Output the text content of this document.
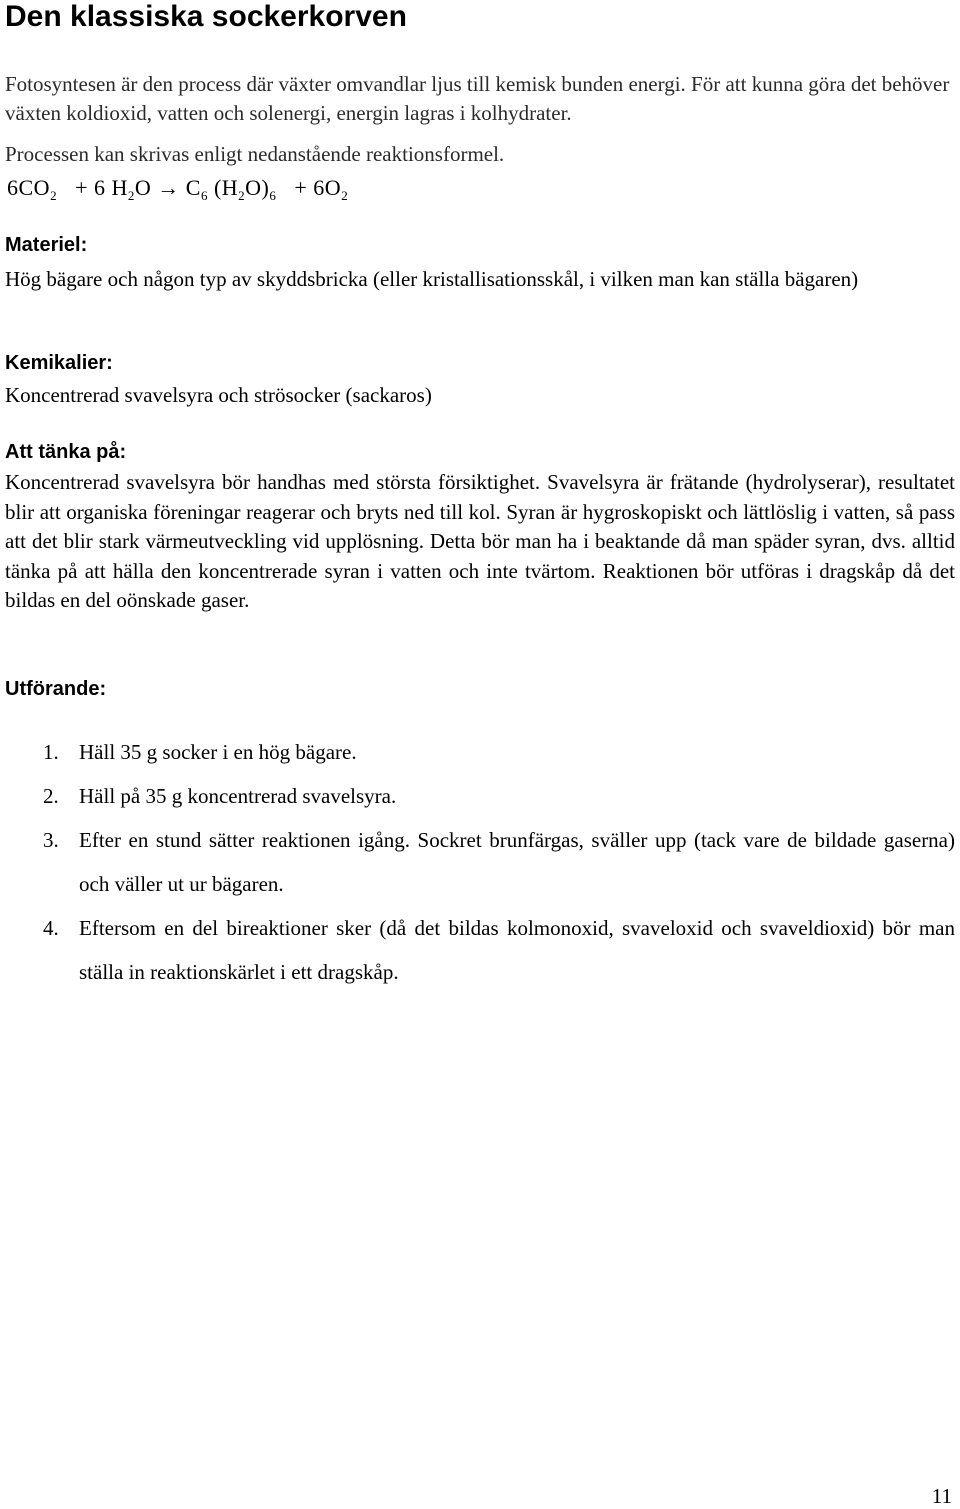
Den klassiska sockerkorven

Fotosyntesen är den process där växter omvandlar ljus till kemisk bunden energi. För att kunna göra det behöver växten koldioxid, vatten och solenergi, energin lagras i kolhydrater.

Processen kan skrivas enligt nedanstående reaktionsformel.

$6CO_2 + 6$ $H_2O \to C_6$ $(H_2O)_6 + 6O_2$
Materiel:

Hög bägare och någon typ av skyddsbricka (eller kristallisationsskål, i vilken man kan ställa bägaren)

Kemikalier:

Koncentrerad svavelsyra och strösocker (sackaros)

Att tänka på:

Koncentrerad svavelsyra bör handhas med största försiktighet. Svavelsyra är frätande (hydrolyserar), resultatet blir att organiska föreningar reagerar och bryts ned till kol. Syran är hygroskopiskt och lättlöslig i vatten, så pass att det blir stark värmeutveckling vid upplösning. Detta bör man ha i beaktande då man späder syran, dvs. alltid tänka på att hälla den koncentrerade syran i vatten och inte tvärtom. Reaktionen bör utföras i dragskåp då det bildas en del oönskade gaser.

Utförande:
1. Häll 35 g socker i en hög bägare.
2. Häll på 35 g koncentrerad svavelsyra.
3. Efter en stund sätter reaktionen igång. Sockret brunfärgas, sväller upp (tack vare de bildade gaserna) och väller ut ur bägaren.
4. Eftersom en del bireaktioner sker (då det bildas kolmonoxid, svaveloxid och svaveldioxid) bör man ställa in reaktionskärlet i ett dragskåp.
11
